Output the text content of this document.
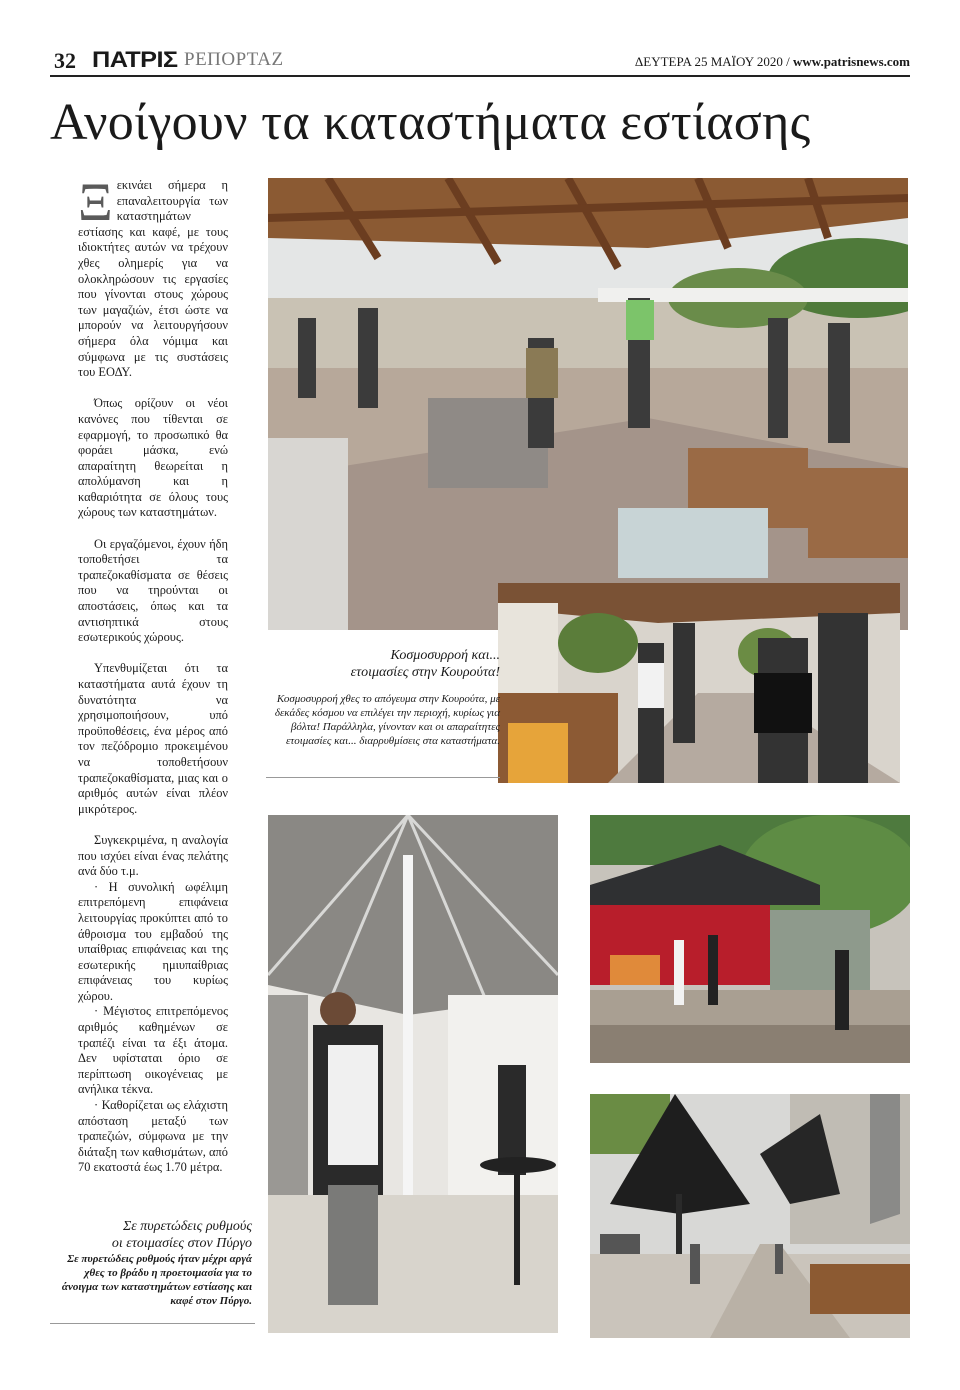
32 ΠΑΤΡΙΣ ΡΕΠΟΡΤΑΖ	ΔΕΥΤΕΡΑ 25 ΜΑΪΟΥ 2020 / www.patrisnews.com
Ανοίγουν τα καταστήματα εστίασης

Ξεκινάει σήμερα η επαναλειτουργία των καταστημάτων εστίασης και καφέ, με τους ιδιοκτήτες αυτών να τρέχουν χθες ολημερίς για να ολοκληρώσουν τις εργασίες που γίνονται στους χώρους των μαγαζιών, έτσι ώστε να μπορούν να λειτουργήσουν σήμερα όλα νόμιμα και σύμφωνα με τις συστάσεις του ΕΟΔΥ.

Όπως ορίζουν οι νέοι κανόνες που τίθενται σε εφαρμογή, το προσωπικό θα φοράει μάσκα, ενώ απαραίτητη θεωρείται η απολύμανση και η καθαριότητα σε όλους τους χώρους των καταστημάτων.

Οι εργαζόμενοι, έχουν ήδη τοποθετήσει τα τραπεζοκαθίσματα σε θέσεις που να τηρούνται οι αποστάσεις, όπως και τα αντισηπτικά στους εσωτερικούς χώρους.

Υπενθυμίζεται ότι τα καταστήματα αυτά έχουν τη δυνατότητα να χρησιμοποιήσουν, υπό προϋποθέσεις, ένα μέρος από τον πεζόδρομιο προκειμένου να τοποθετήσουν τραπεζοκαθίσματα, μιας και ο αριθμός αυτών είναι πλέον μικρότερος.

Συγκεκριμένα, η αναλογία που ισχύει είναι ένας πελάτης ανά δύο τ.μ.

· Η συνολική ωφέλιμη επιτρεπόμενη επιφάνεια λειτουργίας προκύπτει από το άθροισμα του εμβαδού της υπαίθριας επιφάνειας και της εσωτερικής ημιυπαίθριας επιφάνειας του κυρίως χώρου.

· Μέγιστος επιτρεπόμενος αριθμός καθημένων σε τραπέζι είναι τα έξι άτομα. Δεν υφίσταται όριο σε περίπτωση οικογένειας με ανήλικα τέκνα.

· Καθορίζεται ως ελάχιστη απόσταση μεταξύ των τραπεζιών, σύμφωνα με την διάταξη των καθισμάτων, από 70 εκατοστά έως 1.70 μέτρα.

Κοσμοσυρροή και...
ετοιμασίες στην Κουρούτα!
Κοσμοσυρροή χθες το απόγευμα στην Κουρούτα, με δεκάδες κόσμου να επιλέγει την περιοχή, κυρίως για βόλτα! Παράλληλα, γίνονταν και οι απαραίτητες ετοιμασίες και... διαρρυθμίσεις στα καταστήματα.
Σε πυρετώδεις ρυθμούς
οι ετοιμασίες στον Πύργο
Σε πυρετώδεις ρυθμούς ήταν μέχρι αργά χθες το βράδυ η προετοιμασία για το άνοιγμα των καταστημάτων εστίασης και καφέ στον Πύργο.
